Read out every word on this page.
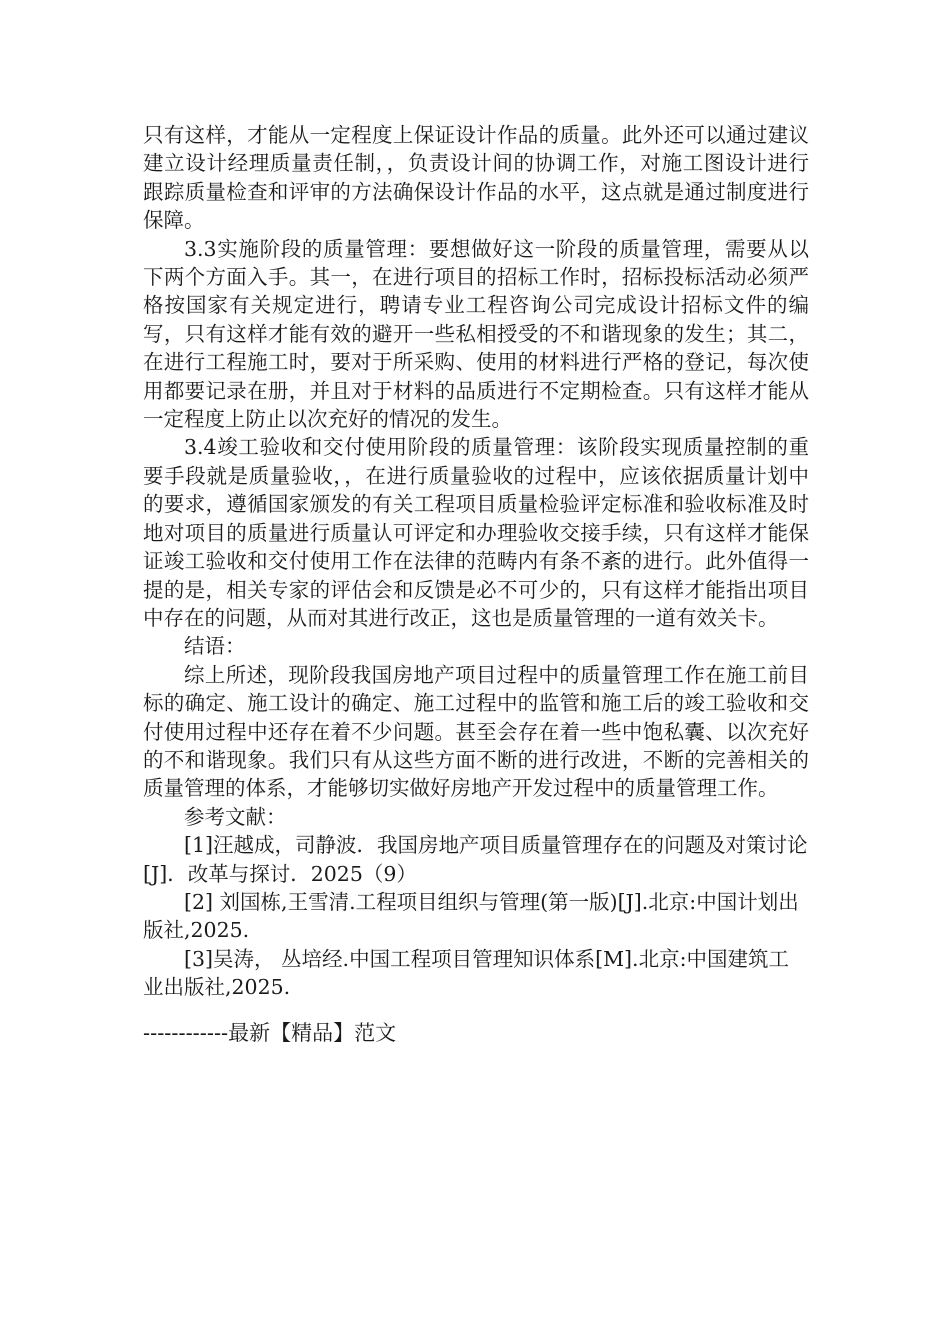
只有这样，才能从一定程度上保证设计作品的质量。此外还可以通过建议建立设计经理质量责任制，，负责设计间的协调工作，对施工图设计进行跟踪质量检查和评审的方法确保设计作品的水平，这点就是通过制度进行保障。

3.3实施阶段的质量管理：要想做好这一阶段的质量管理，需要从以下两个方面入手。其一，在进行项目的招标工作时，招标投标活动必须严格按国家有关规定进行，聘请专业工程咨询公司完成设计招标文件的编写，只有这样才能有效的避开一些私相授受的不和谐现象的发生；其二，在进行工程施工时，要对于所采购、使用的材料进行严格的登记，每次使用都要记录在册，并且对于材料的品质进行不定期检查。只有这样才能从一定程度上防止以次充好的情况的发生。

3.4竣工验收和交付使用阶段的质量管理：该阶段实现质量控制的重要手段就是质量验收，，在进行质量验收的过程中，应该依据质量计划中的要求，遵循国家颁发的有关工程项目质量检验评定标准和验收标准及时地对项目的质量进行质量认可评定和办理验收交接手续，只有这样才能保证竣工验收和交付使用工作在法律的范畴内有条不紊的进行。此外值得一提的是，相关专家的评估会和反馈是必不可少的，只有这样才能指出项目中存在的问题，从而对其进行改正，这也是质量管理的一道有效关卡。

结语：

综上所述，现阶段我国房地产项目过程中的质量管理工作在施工前目标的确定、施工设计的确定、施工过程中的监管和施工后的竣工验收和交付使用过程中还存在着不少问题。甚至会存在着一些中饱私囊、以次充好的不和谐现象。我们只有从这些方面不断的进行改进，不断的完善相关的质量管理的体系，才能够切实做好房地产开发过程中的质量管理工作。

参考文献：

[1]汪越成，司静波．我国房地产项目质量管理存在的问题及对策讨论[J]．改革与探讨．2025（9）

[2] 刘国栋,王雪清.工程项目组织与管理(第一版)[J].北京:中国计划出版社,2025.

[3]吴涛， 丛培经.中国工程项目管理知识体系[M].北京:中国建筑工业出版社,2025.

------------最新【精品】范文
